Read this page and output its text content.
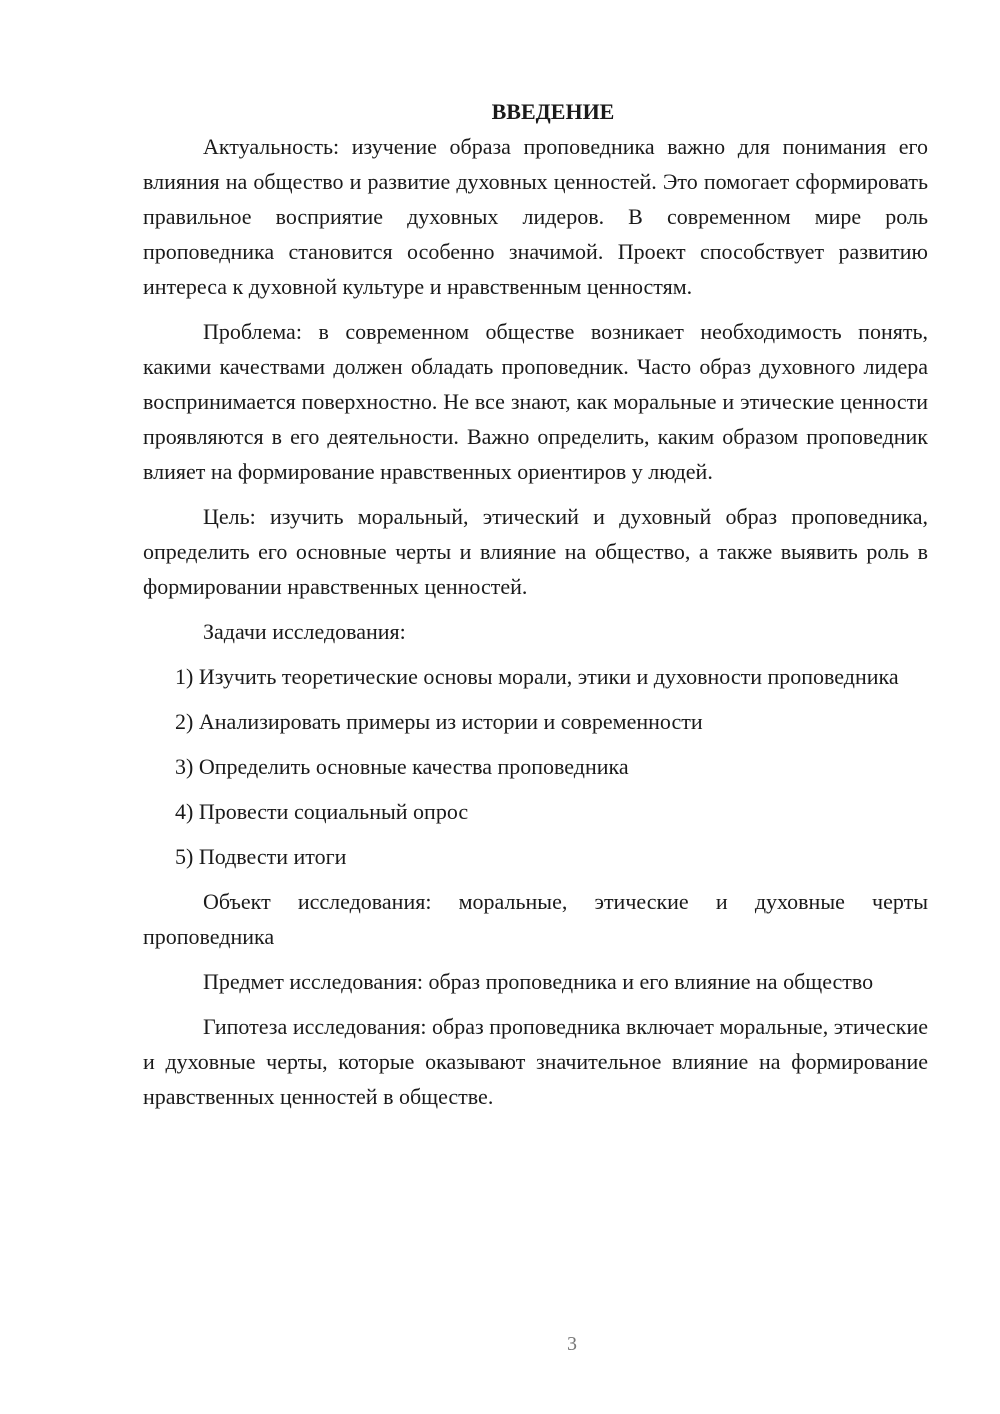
ВВЕДЕНИЕ

Актуальность: изучение образа проповедника важно для понимания его влияния на общество и развитие духовных ценностей. Это помогает сформировать правильное восприятие духовных лидеров. В современном мире роль проповедника становится особенно значимой. Проект способствует развитию интереса к духовной культуре и нравственным ценностям.

Проблема: в современном обществе возникает необходимость понять, какими качествами должен обладать проповедник. Часто образ духовного лидера воспринимается поверхностно. Не все знают, как моральные и этические ценности проявляются в его деятельности. Важно определить, каким образом проповедник влияет на формирование нравственных ориентиров у людей.

Цель: изучить моральный, этический и духовный образ проповедника, определить его основные черты и влияние на общество, а также выявить роль в формировании нравственных ценностей.

Задачи исследования:

1) Изучить теоретические основы морали, этики и духовности проповедника

2) Анализировать примеры из истории и современности

3) Определить основные качества проповедника

4) Провести социальный опрос

5) Подвести итоги

Объект исследования: моральные, этические и духовные черты проповедника

Предмет исследования: образ проповедника и его влияние на общество

Гипотеза исследования: образ проповедника включает моральные, этические и духовные черты, которые оказывают значительное влияние на формирование нравственных ценностей в обществе.

3
